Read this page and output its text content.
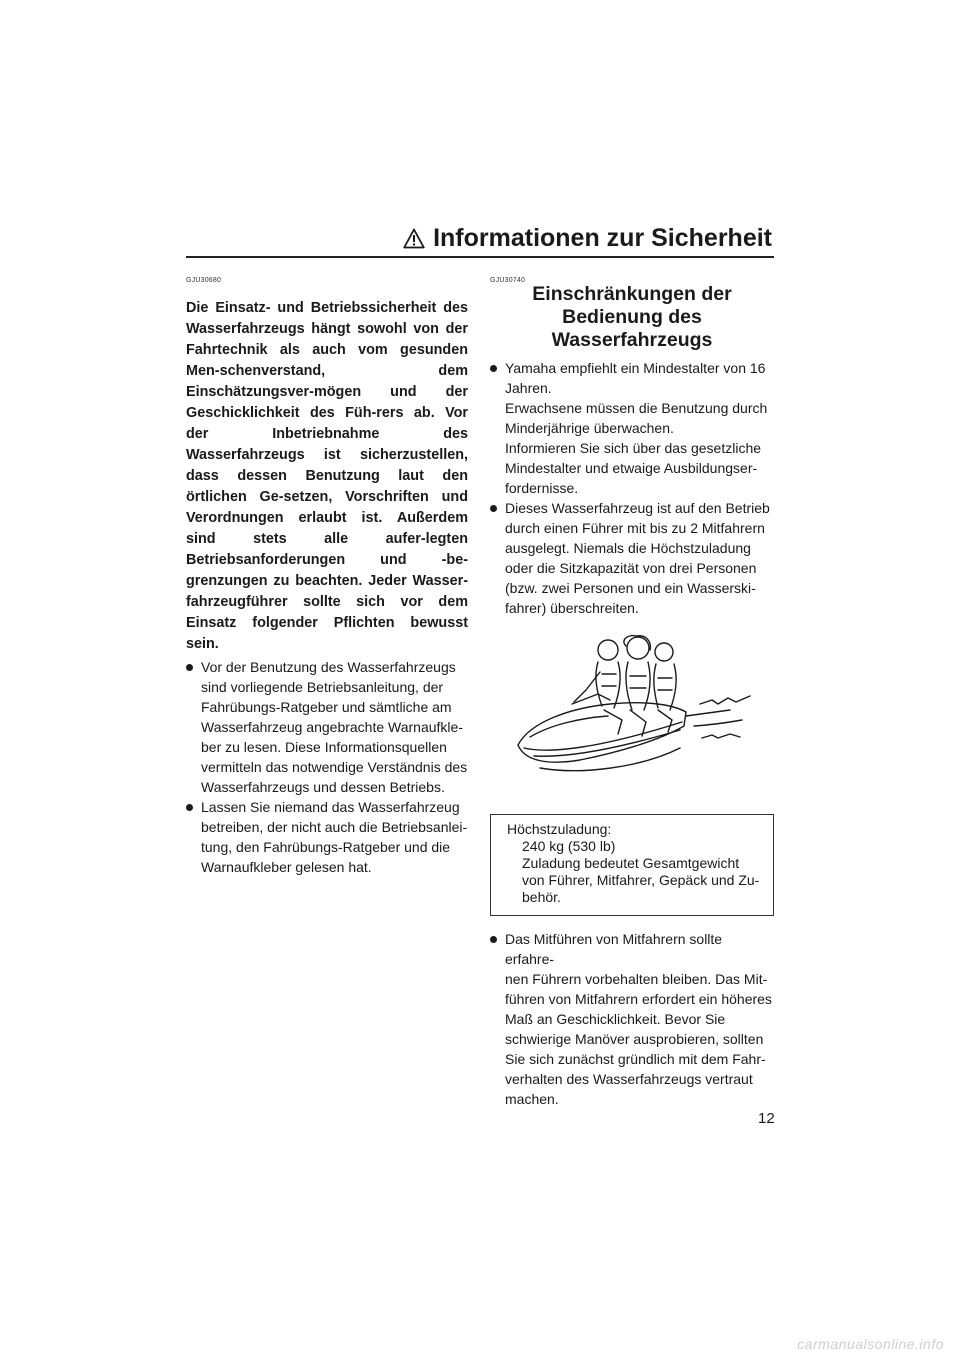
Informationen zur Sicherheit
GJU30680	GJU30740

Die Einsatz- und Betriebssicherheit des Wasserfahrzeugs hängt sowohl von der Fahrtechnik als auch vom gesunden Men-schenverstand, dem Einschätzungsver-mögen und der Geschicklichkeit des Füh-rers ab. Vor der Inbetriebnahme des Wasserfahrzeugs ist sicherzustellen, dass dessen Benutzung laut den örtlichen Ge-setzen, Vorschriften und Verordnungen erlaubt ist. Außerdem sind stets alle aufer-legten Betriebsanforderungen und -be-grenzungen zu beachten. Jeder Wasser-fahrzeugführer sollte sich vor dem Einsatz folgender Pflichten bewusst sein.

Vor der Benutzung des Wasserfahrzeugs sind vorliegende Betriebsanleitung, der Fahrübungs-Ratgeber und sämtliche am Wasserfahrzeug angebrachte Warnaufkle-ber zu lesen. Diese Informationsquellen vermitteln das notwendige Verständnis des Wasserfahrzeugs und dessen Betriebs.

Lassen Sie niemand das Wasserfahrzeug betreiben, der nicht auch die Betriebsanlei-tung, den Fahrübungs-Ratgeber und die Warnaufkleber gelesen hat.

Einschränkungen der
Bedienung des
Wasserfahrzeugs

Yamaha empfiehlt ein Mindestalter von 16

Jahren.

Erwachsene müssen die Benutzung durch

Minderjährige überwachen.

Informieren Sie sich über das gesetzliche

Mindestalter und etwaige Ausbildungser-

fordernisse.

Dieses Wasserfahrzeug ist auf den Betrieb

durch einen Führer mit bis zu 2 Mitfahrern

ausgelegt. Niemals die Höchstzuladung

oder die Sitzkapazität von drei Personen

(bzw. zwei Personen und ein Wasserski-

fahrer) überschreiten.

Höchstzuladung:
240 kg (530 lb)
Zuladung bedeutet Gesamtgewicht
von Führer, Mitfahrer, Gepäck und Zu-
behör.

Das Mitführen von Mitfahrern sollte erfahre-

nen Führern vorbehalten bleiben. Das Mit-

führen von Mitfahrern erfordert ein höheres

Maß an Geschicklichkeit. Bevor Sie

schwierige Manöver ausprobieren, sollten

Sie sich zunächst gründlich mit dem Fahr-

verhalten des Wasserfahrzeugs vertraut

machen.

12
carmanualsonline.info
